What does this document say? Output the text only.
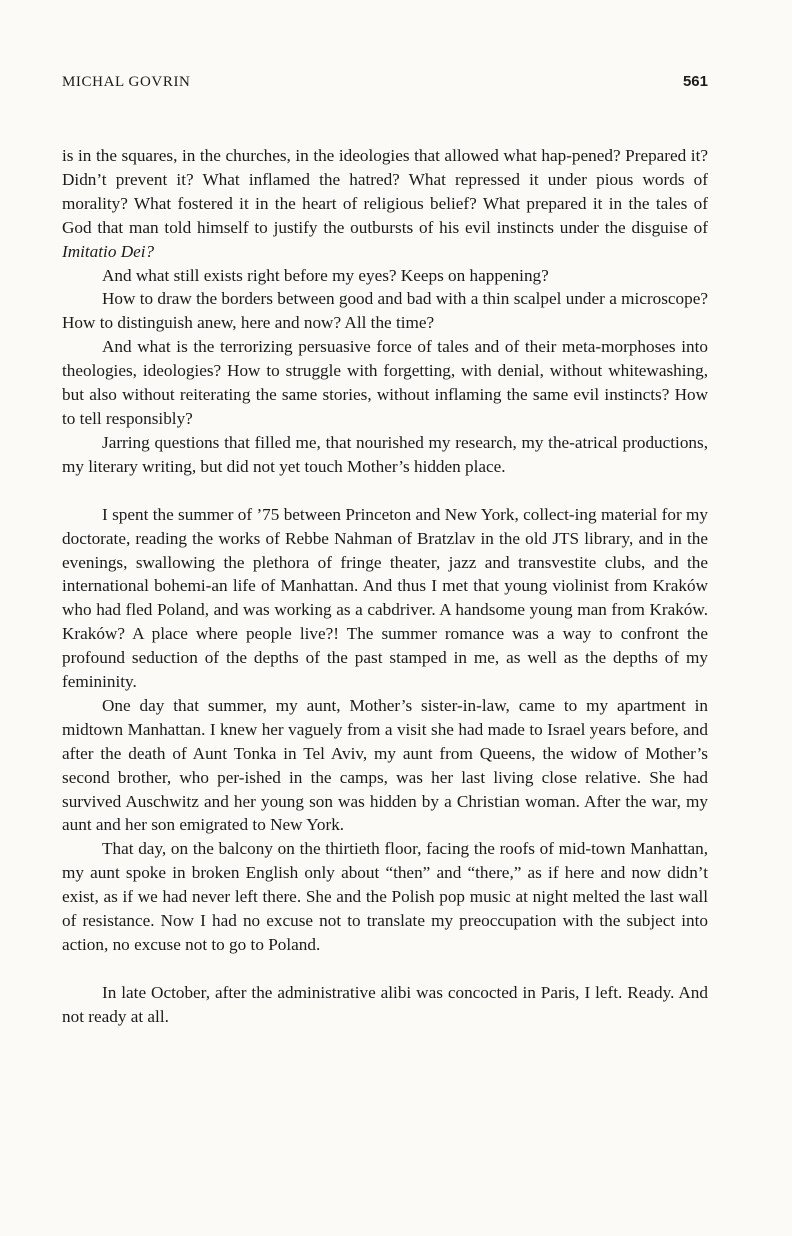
MICHAL GOVRIN	561

is in the squares, in the churches, in the ideologies that allowed what hap-pened? Prepared it? Didn’t prevent it? What inflamed the hatred? What repressed it under pious words of morality? What fostered it in the heart of religious belief? What prepared it in the tales of God that man told himself to justify the outbursts of his evil instincts under the disguise of Imitatio Dei?

And what still exists right before my eyes? Keeps on happening?

How to draw the borders between good and bad with a thin scalpel under a microscope? How to distinguish anew, here and now? All the time?

And what is the terrorizing persuasive force of tales and of their meta-morphoses into theologies, ideologies? How to struggle with forgetting, with denial, without whitewashing, but also without reiterating the same stories, without inflaming the same evil instincts? How to tell responsibly?

Jarring questions that filled me, that nourished my research, my the-atrical productions, my literary writing, but did not yet touch Mother’s hidden place.

I spent the summer of ’75 between Princeton and New York, collect-ing material for my doctorate, reading the works of Rebbe Nahman of Bratzlav in the old JTS library, and in the evenings, swallowing the plethora of fringe theater, jazz and transvestite clubs, and the international bohemi-an life of Manhattan. And thus I met that young violinist from Kraków who had fled Poland, and was working as a cabdriver. A handsome young man from Kraków. Kraków? A place where people live?! The summer romance was a way to confront the profound seduction of the depths of the past stamped in me, as well as the depths of my femininity.

One day that summer, my aunt, Mother’s sister-in-law, came to my apartment in midtown Manhattan. I knew her vaguely from a visit she had made to Israel years before, and after the death of Aunt Tonka in Tel Aviv, my aunt from Queens, the widow of Mother’s second brother, who per-ished in the camps, was her last living close relative. She had survived Auschwitz and her young son was hidden by a Christian woman. After the war, my aunt and her son emigrated to New York.

That day, on the balcony on the thirtieth floor, facing the roofs of mid-town Manhattan, my aunt spoke in broken English only about “then” and “there,” as if here and now didn’t exist, as if we had never left there. She and the Polish pop music at night melted the last wall of resistance. Now I had no excuse not to translate my preoccupation with the subject into action, no excuse not to go to Poland.

In late October, after the administrative alibi was concocted in Paris, I left. Ready. And not ready at all.
